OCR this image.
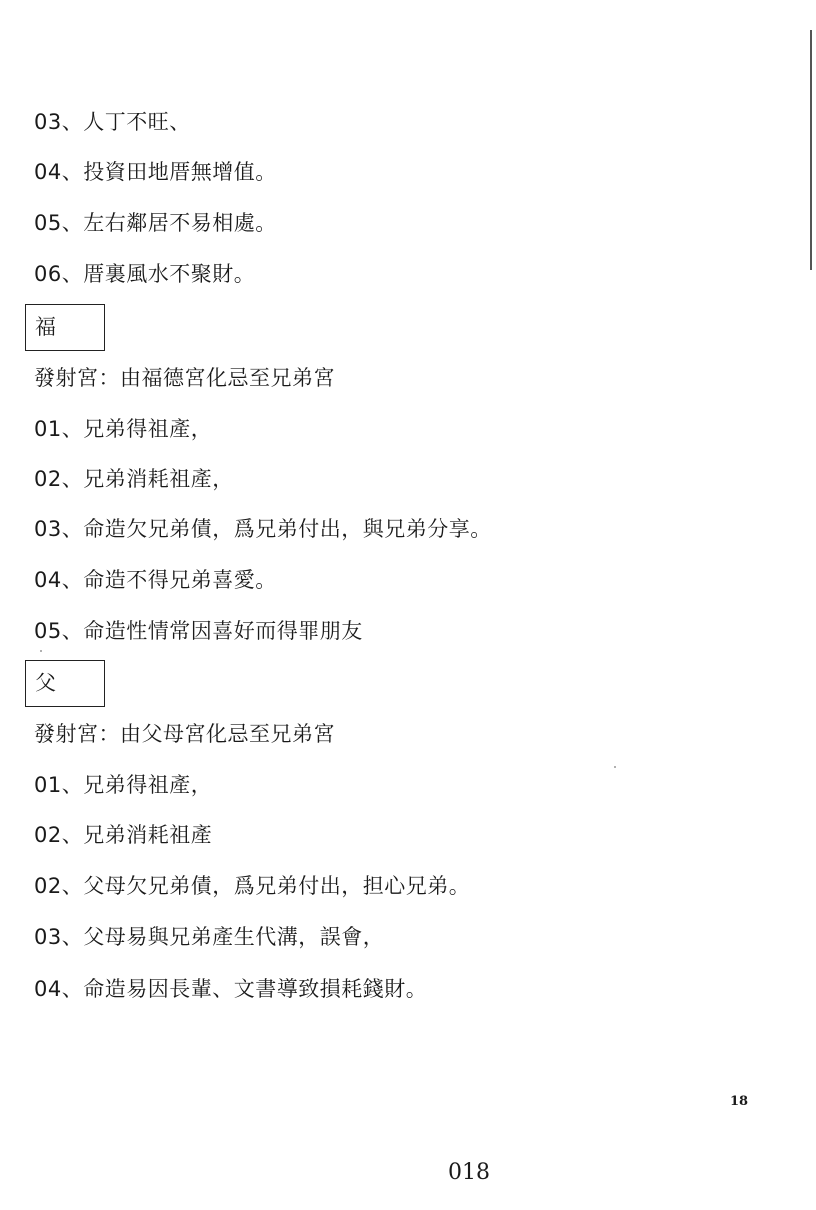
03、人丁不旺、
04、投資田地厝無增值。
05、左右鄰居不易相處。
06、厝裏風水不聚財。
福
發射宮：由福德宮化忌至兄弟宮
01、兄弟得祖產，
02、兄弟消耗祖產，
03、命造欠兄弟債，爲兄弟付出，與兄弟分享。
04、命造不得兄弟喜愛。
05、命造性情常因喜好而得罪朋友
父
發射宮：由父母宮化忌至兄弟宮
01、兄弟得祖產，
02、兄弟消耗祖產
02、父母欠兄弟債，爲兄弟付出，担心兄弟。
03、父母易與兄弟產生代溝，誤會，
04、命造易因長輩、文書導致損耗錢財。
18
018
